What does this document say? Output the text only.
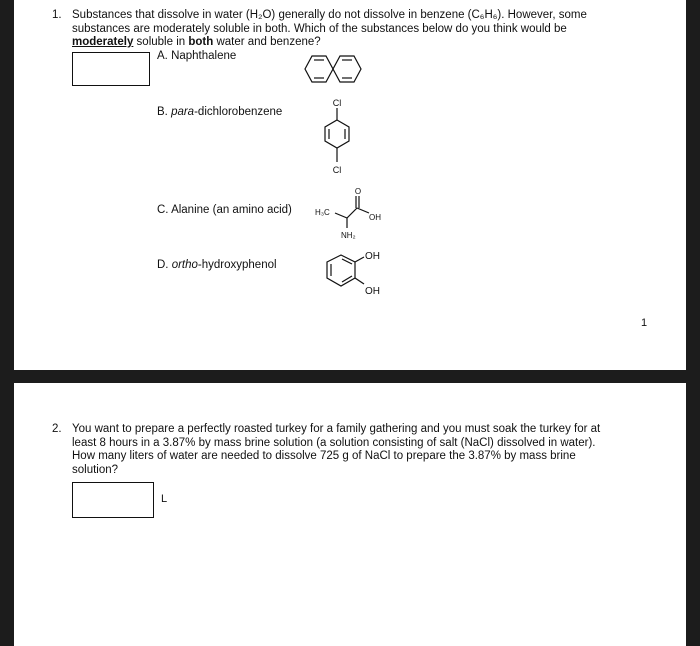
1. Substances that dissolve in water (H₂O) generally do not dissolve in benzene (C₆H₆). However, some
substances are moderately soluble in both. Which of the substances below do you think would be
moderately soluble in both water and benzene?
A. Naphthalene
B. para-dichlorobenzene
Cl
Cl
C. Alanine (an amino acid)	H₃C
O
OH
NH₂
D. ortho-hydroxyphenol
OH
OH
1
2. You want to prepare a perfectly roasted turkey for a family gathering and you must soak the turkey for at
least 8 hours in a 3.87% by mass brine solution (a solution consisting of salt (NaCl) dissolved in water).
How many liters of water are needed to dissolve 725 g of NaCl to prepare the 3.87% by mass brine
solution?
L
